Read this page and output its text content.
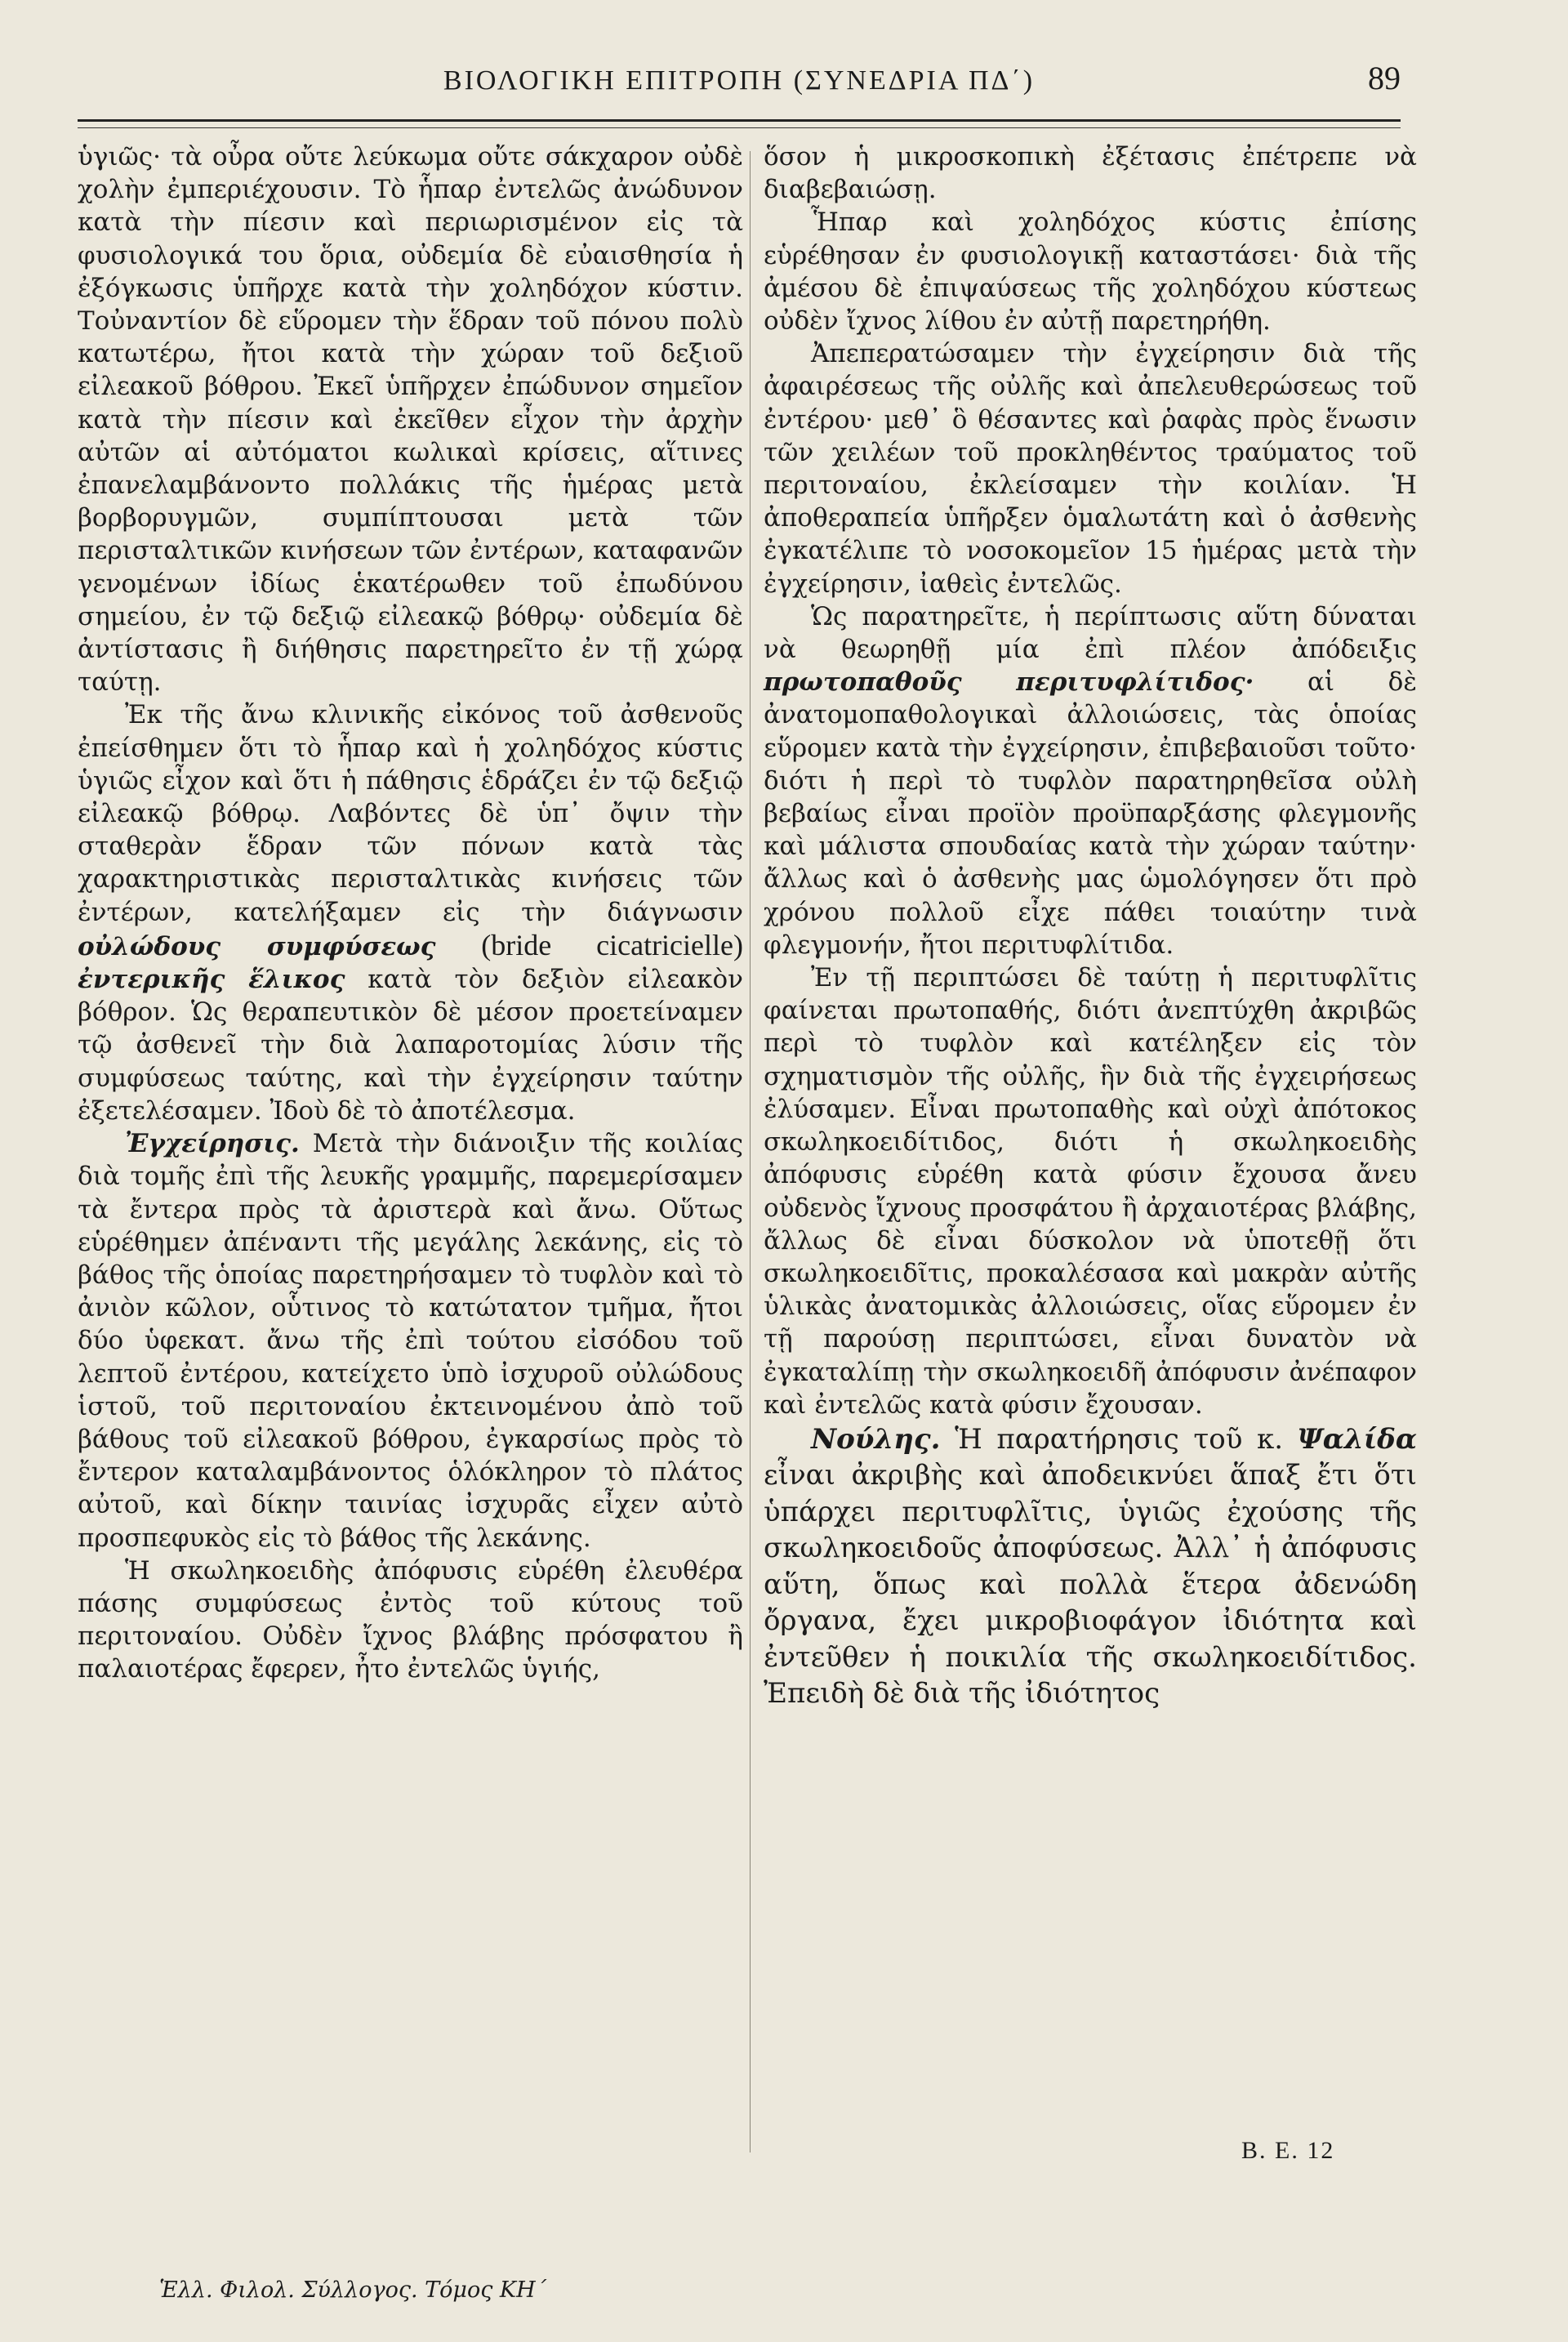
ΒΙΟΛΟΓΙΚΗ ΕΠΙΤΡΟΠΗ (ΣΥΝΕΔΡΙΑ ΠΔ΄)	89

ὑγιῶς· τὰ οὖρα οὔτε λεύκωμα οὔτε σάκχαρον οὐδὲ χολὴν ἐμπεριέχουσιν. Τὸ ἧπαρ ἐντελῶς ἀνώδυνον κατὰ τὴν πίεσιν καὶ περιωρισμένον εἰς τὰ φυσιολογικά του ὅρια, οὐδεμία δὲ εὐαισθησία ἡ ἐξόγκωσις ὑπῆρχε κατὰ τὴν χοληδόχον κύστιν. Τοὐναντίον δὲ εὕρομεν τὴν ἕδραν τοῦ πόνου πολὺ κατωτέρω, ἤτοι κατὰ τὴν χώραν τοῦ δεξιοῦ εἰλεακοῦ βόθρου. Ἐκεῖ ὑπῆρχεν ἐπώδυνον σημεῖον κατὰ τὴν πίεσιν καὶ ἐκεῖθεν εἶχον τὴν ἀρχὴν αὐτῶν αἱ αὐτόματοι κωλικαὶ κρίσεις, αἵτινες ἐπανελαμβάνοντο πολλάκις τῆς ἡμέρας μετὰ βορβορυγμῶν, συμπίπτουσαι μετὰ τῶν περισταλτικῶν κινήσεων τῶν ἐντέρων, καταφανῶν γενομένων ἰδίως ἑκατέρωθεν τοῦ ἐπωδύνου σημείου, ἐν τῷ δεξιῷ εἰλεακῷ βόθρῳ· οὐδεμία δὲ ἀντίστασις ἢ διήθησις παρετηρεῖτο ἐν τῇ χώρᾳ ταύτῃ.

Ἐκ τῆς ἄνω κλινικῆς εἰκόνος τοῦ ἀσθενοῦς ἐπείσθημεν ὅτι τὸ ἧπαρ καὶ ἡ χοληδόχος κύστις ὑγιῶς εἶχον καὶ ὅτι ἡ πάθησις ἑδράζει ἐν τῷ δεξιῷ εἰλεακῷ βόθρῳ. Λαβόντες δὲ ὑπ᾽ ὄψιν τὴν σταθερὰν ἕδραν τῶν πόνων κατὰ τὰς χαρακτηριστικὰς περισταλτικὰς κινήσεις τῶν ἐντέρων, κατελήξαμεν εἰς τὴν διάγνωσιν οὐλώδους συμφύσεως (bride cicatricielle) ἐντερικῆς ἕλικος κατὰ τὸν δεξιὸν εἰλεακὸν βόθρον. Ὡς θεραπευτικὸν δὲ μέσον προετείναμεν τῷ ἀσθενεῖ τὴν διὰ λαπαροτομίας λύσιν τῆς συμφύσεως ταύτης, καὶ τὴν ἐγχείρησιν ταύτην ἐξετελέσαμεν. Ἰδοὺ δὲ τὸ ἀποτέλεσμα.

Ἐγχείρησις. Μετὰ τὴν διάνοιξιν τῆς κοιλίας διὰ τομῆς ἐπὶ τῆς λευκῆς γραμμῆς, παρεμερίσαμεν τὰ ἔντερα πρὸς τὰ ἀριστερὰ καὶ ἄνω. Οὕτως εὑρέθημεν ἀπέναντι τῆς μεγάλης λεκάνης, εἰς τὸ βάθος τῆς ὁποίας παρετηρήσαμεν τὸ τυφλὸν καὶ τὸ ἀνιὸν κῶλον, οὗτινος τὸ κατώτατον τμῆμα, ἤτοι δύο ὑφεκατ. ἄνω τῆς ἐπὶ τούτου εἰσόδου τοῦ λεπτοῦ ἐντέρου, κατείχετο ὑπὸ ἰσχυροῦ οὐλώδους ἱστοῦ, τοῦ περιτοναίου ἐκτεινομένου ἀπὸ τοῦ βάθους τοῦ εἰλεακοῦ βόθρου, ἐγκαρσίως πρὸς τὸ ἔντερον καταλαμβάνοντος ὁλόκληρον τὸ πλάτος αὐτοῦ, καὶ δίκην ταινίας ἰσχυρᾶς εἶχεν αὐτὸ προσπεφυκὸς εἰς τὸ βάθος τῆς λεκάνης.

Ἡ σκωληκοειδὴς ἀπόφυσις εὑρέθη ἐλευθέρα πάσης συμφύσεως ἐντὸς τοῦ κύτους τοῦ περιτοναίου. Οὐδὲν ἴχνος βλάβης πρόσφατου ἢ παλαιοτέρας ἔφερεν, ἦτο ἐντελῶς ὑγιής,

ὅσον ἡ μικροσκοπικὴ ἐξέτασις ἐπέτρεπε νὰ διαβεβαιώσῃ.

Ἧπαρ καὶ χοληδόχος κύστις ἐπίσης εὑρέθησαν ἐν φυσιολογικῇ καταστάσει· διὰ τῆς ἀμέσου δὲ ἐπιψαύσεως τῆς χοληδόχου κύστεως οὐδὲν ἴχνος λίθου ἐν αὐτῇ παρετηρήθη.

Ἀπεπερατώσαμεν τὴν ἐγχείρησιν διὰ τῆς ἀφαιρέσεως τῆς οὐλῆς καὶ ἀπελευθερώσεως τοῦ ἐντέρου· μεθ᾽ ὃ θέσαντες καὶ ῥαφὰς πρὸς ἕνωσιν τῶν χειλέων τοῦ προκληθέντος τραύματος τοῦ περιτοναίου, ἐκλείσαμεν τὴν κοιλίαν. Ἡ ἀποθεραπεία ὑπῆρξεν ὁμαλωτάτη καὶ ὁ ἀσθενὴς ἐγκατέλιπε τὸ νοσοκομεῖον 15 ἡμέρας μετὰ τὴν ἐγχείρησιν, ἰαθεὶς ἐντελῶς.

Ὡς παρατηρεῖτε, ἡ περίπτωσις αὕτη δύναται νὰ θεωρηθῇ μία ἐπὶ πλέον ἀπόδειξις πρωτοπαθοῦς περιτυφλίτιδος· αἱ δὲ ἀνατομοπαθολογικαὶ ἀλλοιώσεις, τὰς ὁποίας εὕρομεν κατὰ τὴν ἐγχείρησιν, ἐπιβεβαιοῦσι τοῦτο· διότι ἡ περὶ τὸ τυφλὸν παρατηρηθεῖσα οὐλὴ βεβαίως εἶναι προϊὸν προϋπαρξάσης φλεγμονῆς καὶ μάλιστα σπουδαίας κατὰ τὴν χώραν ταύτην· ἄλλως καὶ ὁ ἀσθενὴς μας ὡμολόγησεν ὅτι πρὸ χρόνου πολλοῦ εἶχε πάθει τοιαύτην τινὰ φλεγμονήν, ἤτοι περιτυφλίτιδα.

Ἐν τῇ περιπτώσει δὲ ταύτῃ ἡ περιτυφλῖτις φαίνεται πρωτοπαθής, διότι ἀνεπτύχθη ἀκριβῶς περὶ τὸ τυφλὸν καὶ κατέληξεν εἰς τὸν σχηματισμὸν τῆς οὐλῆς, ἣν διὰ τῆς ἐγχειρήσεως ἐλύσαμεν. Εἶναι πρωτοπαθὴς καὶ οὐχὶ ἀπότοκος σκωληκοειδίτιδος, διότι ἡ σκωληκοειδὴς ἀπόφυσις εὑρέθη κατὰ φύσιν ἔχουσα ἄνευ οὐδενὸς ἴχνους προσφάτου ἢ ἀρχαιοτέρας βλάβης, ἄλλως δὲ εἶναι δύσκολον νὰ ὑποτεθῇ ὅτι σκωληκοειδῖτις, προκαλέσασα καὶ μακρὰν αὐτῆς ὑλικὰς ἀνατομικὰς ἀλλοιώσεις, οἵας εὕρομεν ἐν τῇ παρούσῃ περιπτώσει, εἶναι δυνατὸν νὰ ἐγκαταλίπῃ τὴν σκωληκοειδῆ ἀπόφυσιν ἀνέπαφον καὶ ἐντελῶς κατὰ φύσιν ἔχουσαν.

Νούλης. Ἡ παρατήρησις τοῦ κ. Ψαλίδα εἶναι ἀκριβὴς καὶ ἀποδεικνύει ἅπαξ ἔτι ὅτι ὑπάρχει περιτυφλῖτις, ὑγιῶς ἐχούσης τῆς σκωληκοειδοῦς ἀποφύσεως. Ἀλλ᾽ ἡ ἀπόφυσις αὕτη, ὅπως καὶ πολλὰ ἕτερα ἀδενώδη ὄργανα, ἔχει μικροβιοφάγον ἰδιότητα καὶ ἐντεῦθεν ἡ ποικιλία τῆς σκωληκοειδίτιδος. Ἐπειδὴ δὲ διὰ τῆς ἰδιότητος

Β. Ε. 12
Ἑλλ. Φιλολ. Σύλλογος. Τόμος ΚΗ΄
